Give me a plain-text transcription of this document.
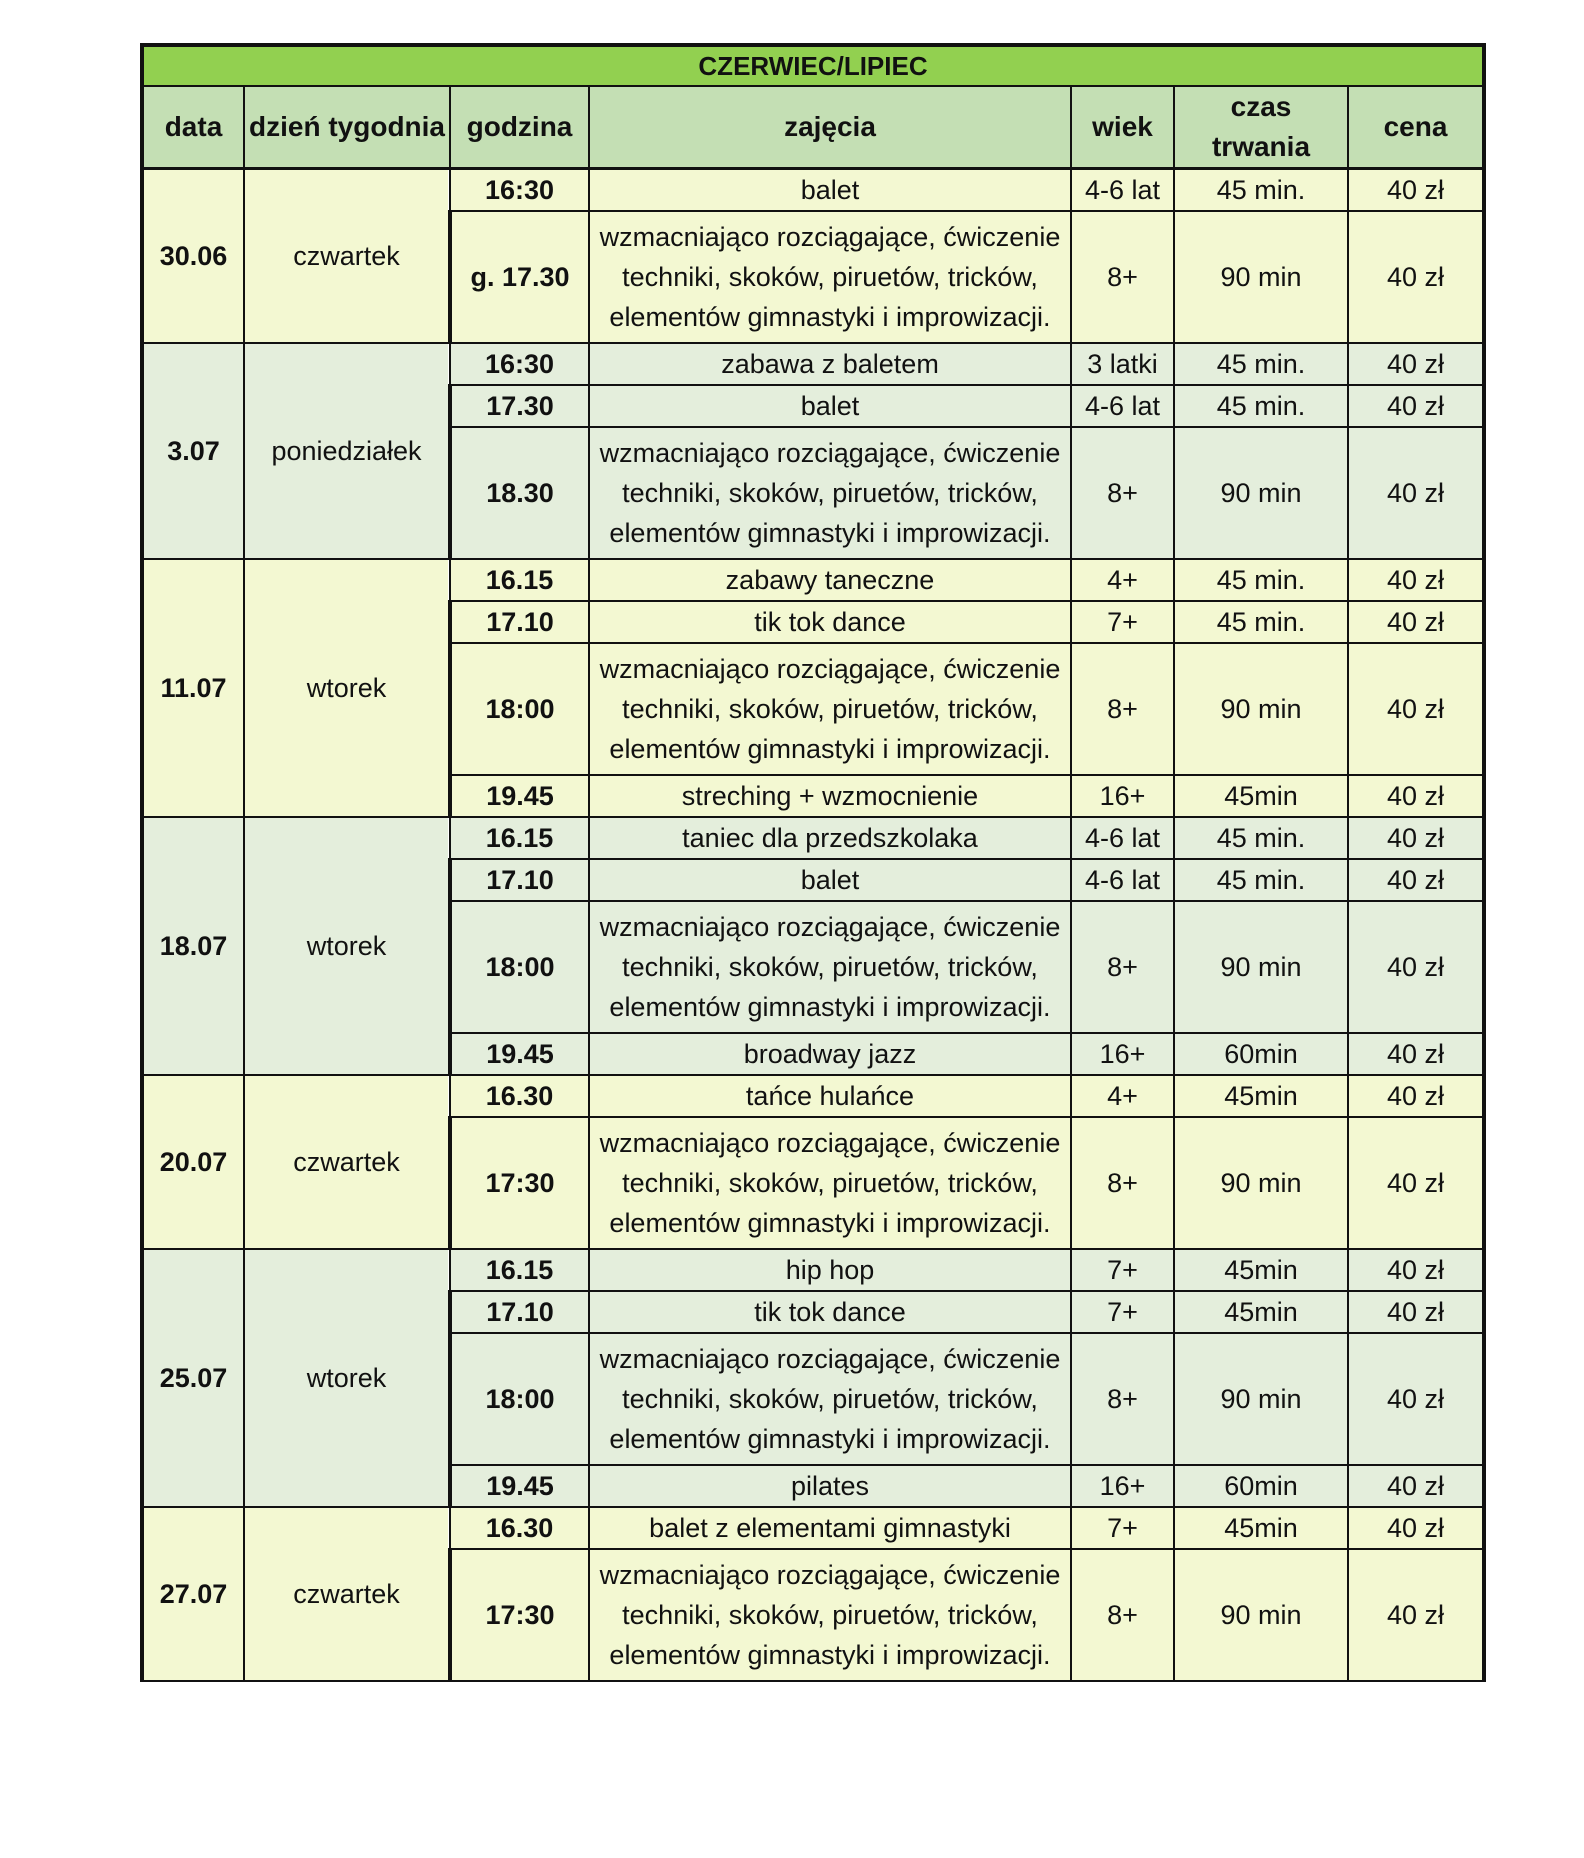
CZERWIEC/LIPIEC						
data	dzień tygodnia	godzina	zajęcia	wiek	czas trwania	cena
30.06	czwartek	16:30	balet	4-6 lat	45 min.	40 zł
		g. 17.30	wzmacniająco rozciągające, ćwiczenie techniki, skoków, piruetów, tricków, elementów gimnastyki i improwizacji.	8+	90 min	40 zł
3.07	poniedziałek	16:30	zabawa z baletem	3 latki	45 min.	40 zł
		17.30	balet	4-6 lat	45 min.	40 zł
		18.30	wzmacniająco rozciągające, ćwiczenie techniki, skoków, piruetów, tricków, elementów gimnastyki i improwizacji.	8+	90 min	40 zł
11.07	wtorek	16.15	zabawy taneczne	4+	45 min.	40 zł
		17.10	tik tok dance	7+	45 min.	40 zł
		18:00	wzmacniająco rozciągające, ćwiczenie techniki, skoków, piruetów, tricków, elementów gimnastyki i improwizacji.	8+	90 min	40 zł
		19.45	streching + wzmocnienie	16+	45min	40 zł
18.07	wtorek	16.15	taniec dla przedszkolaka	4-6 lat	45 min.	40 zł
		17.10	balet	4-6 lat	45 min.	40 zł
		18:00	wzmacniająco rozciągające, ćwiczenie techniki, skoków, piruetów, tricków, elementów gimnastyki i improwizacji.	8+	90 min	40 zł
		19.45	broadway jazz	16+	60min	40 zł
20.07	czwartek	16.30	tańce hulańce	4+	45min	40 zł
		17:30	wzmacniająco rozciągające, ćwiczenie techniki, skoków, piruetów, tricków, elementów gimnastyki i improwizacji.	8+	90 min	40 zł
25.07	wtorek	16.15	hip hop	7+	45min	40 zł
		17.10	tik tok dance	7+	45min	40 zł
		18:00	wzmacniająco rozciągające, ćwiczenie techniki, skoków, piruetów, tricków, elementów gimnastyki i improwizacji.	8+	90 min	40 zł
		19.45	pilates	16+	60min	40 zł
27.07	czwartek	16.30	balet z elementami gimnastyki	7+	45min	40 zł
		17:30	wzmacniająco rozciągające, ćwiczenie techniki, skoków, piruetów, tricków, elementów gimnastyki i improwizacji.	8+	90 min	40 zł
